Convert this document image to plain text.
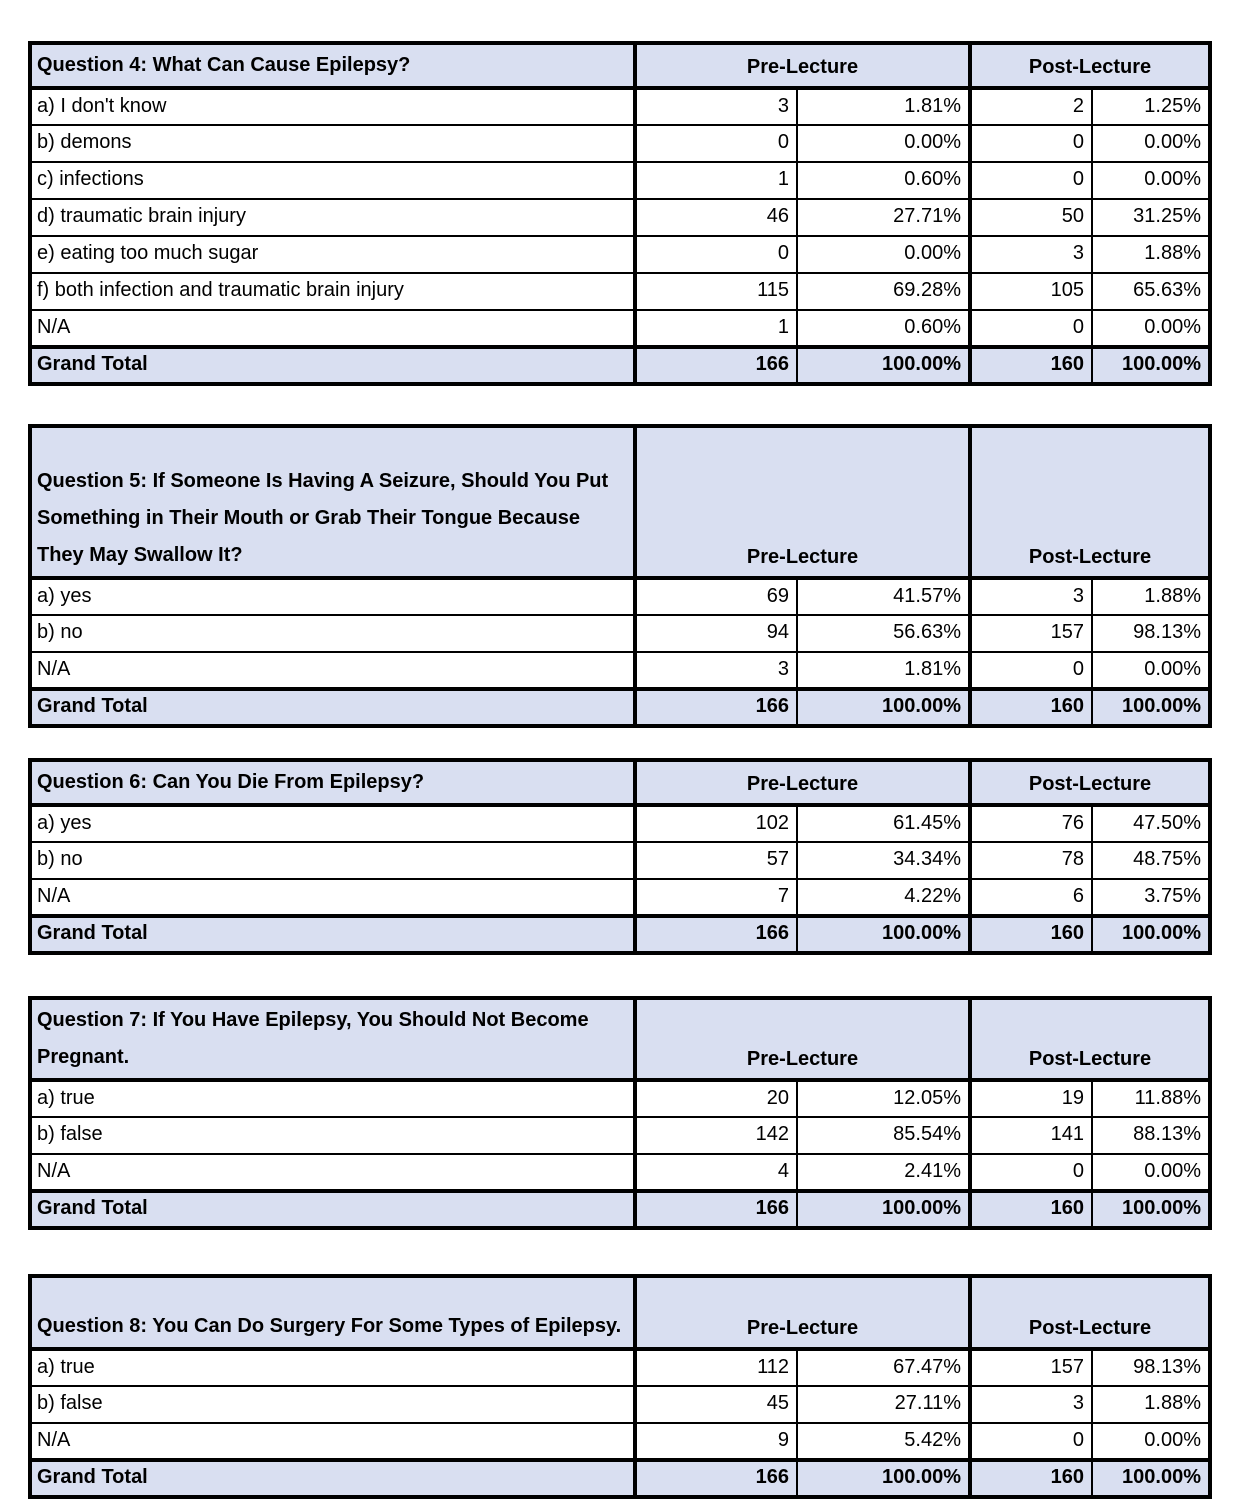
Question 4: What Can Cause Epilepsy?	Pre-Lecture		Post-Lecture	
a) I don't know	3	1.81%	2	1.25%
b) demons	0	0.00%	0	0.00%
c) infections	1	0.60%	0	0.00%
d) traumatic brain injury	46	27.71%	50	31.25%
e) eating too much sugar	0	0.00%	3	1.88%
f) both infection and traumatic brain injury	115	69.28%	105	65.63%
N/A	1	0.60%	0	0.00%
Grand Total	166	100.00%	160	100.00%
Question 5: If Someone Is Having A Seizure, Should You Put Something in Their Mouth or Grab Their Tongue Because They May Swallow It?	Pre-Lecture		Post-Lecture	
a) yes	69	41.57%	3	1.88%
b) no	94	56.63%	157	98.13%
N/A	3	1.81%	0	0.00%
Grand Total	166	100.00%	160	100.00%
Question 6: Can You Die From Epilepsy?	Pre-Lecture		Post-Lecture	
a) yes	102	61.45%	76	47.50%
b) no	57	34.34%	78	48.75%
N/A	7	4.22%	6	3.75%
Grand Total	166	100.00%	160	100.00%
Question 7: If You Have Epilepsy, You Should Not Become Pregnant.	Pre-Lecture		Post-Lecture	
a) true	20	12.05%	19	11.88%
b) false	142	85.54%	141	88.13%
N/A	4	2.41%	0	0.00%
Grand Total	166	100.00%	160	100.00%
Question 8: You Can Do Surgery For Some Types of Epilepsy.	Pre-Lecture		Post-Lecture	
a) true	112	67.47%	157	98.13%
b) false	45	27.11%	3	1.88%
N/A	9	5.42%	0	0.00%
Grand Total	166	100.00%	160	100.00%
